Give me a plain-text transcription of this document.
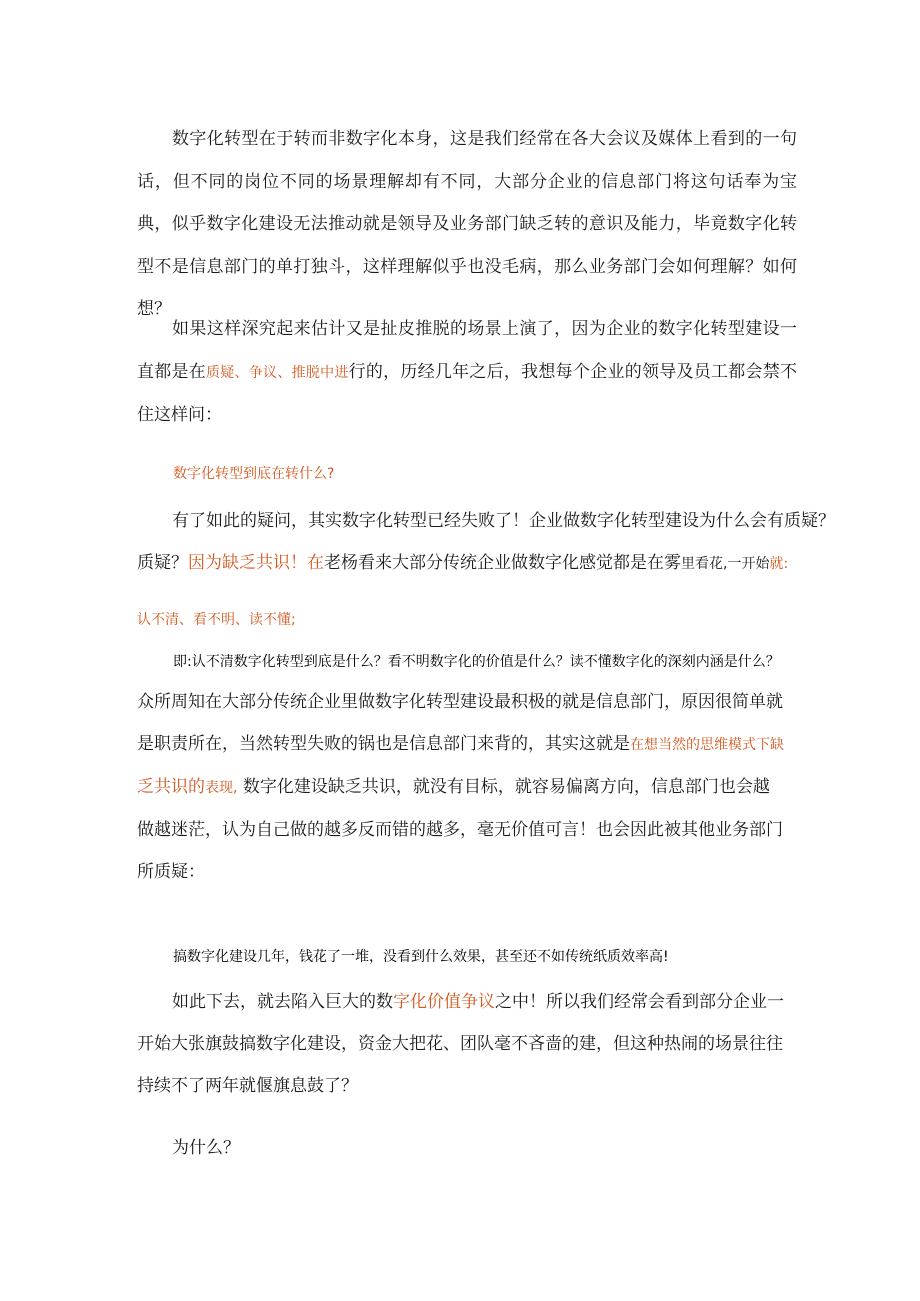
数字化转型在于转而非数字化本身，这是我们经常在各大会议及媒体上看到的一句话，但不同的岗位不同的场景理解却有不同，大部分企业的信息部门将这句话奉为宝典，似乎数字化建设无法推动就是领导及业务部门缺乏转的意识及能力，毕竟数字化转型不是信息部门的单打独斗，这样理解似乎也没毛病，那么业务部门会如何理解？如何想？

如果这样深究起来估计又是扯皮推脱的场景上演了，因为企业的数字化转型建设一直都是在质疑、争议、推脱中进行的，历经几年之后，我想每个企业的领导及员工都会禁不住这样问：

数字化转型到底在转什么?

有了如此的疑问，其实数字化转型已经失败了！企业做数字化转型建设为什么会有质疑？
质疑？因为缺乏共识！在老杨看来大部分传统企业做数字化感觉都是在雾里看花,一开始就:

认不清、看不明、读不懂;

即:认不清数字化转型到底是什么？看不明数字化的价值是什么？读不懂数字化的深刻内涵是什么？

众所周知在大部分传统企业里做数字化转型建设最积极的就是信息部门，原因很简单就
是职责所在，当然转型失败的锅也是信息部门来背的，其实这就是在想当然的思维模式下缺
乏共识的表现, 数字化建设缺乏共识，就没有目标，就容易偏离方向，信息部门也会越
做越迷茫，认为自己做的越多反而错的越多，毫无价值可言！也会因此被其他业务部门
所质疑：

搞数字化建设几年，钱花了一堆，没看到什么效果，甚至还不如传统纸质效率高!

如此下去，就去陷入巨大的数字化价值争议之中！所以我们经常会看到部分企业一
开始大张旗鼓搞数字化建设，资金大把花、团队毫不吝啬的建，但这种热闹的场景往往
持续不了两年就偃旗息鼓了？

为什么？
